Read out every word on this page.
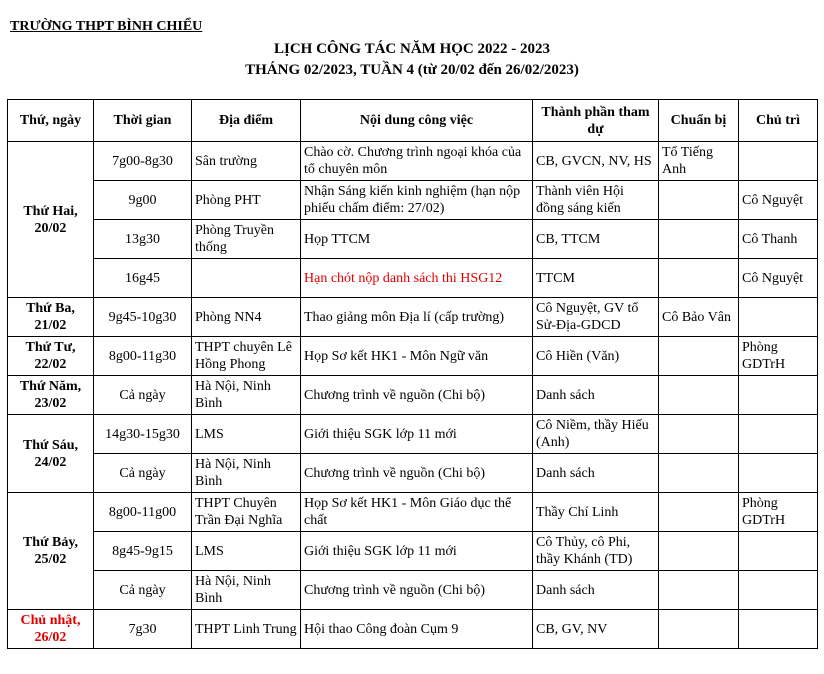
TRƯỜNG THPT BÌNH CHIỂU
LỊCH CÔNG TÁC NĂM HỌC 2022 - 2023
THÁNG 02/2023, TUẦN 4 (từ 20/02 đến 26/02/2023)
Thứ, ngày	Thời gian	Địa điểm	Nội dung công việc	Thành phần tham dự	Chuẩn bị	Chủ trì

Thứ Hai,
20/02	7g00-8g30	Sân trường	Chào cờ. Chương trình ngoại khóa của tổ chuyên môn	CB, GVCN, NV, HS	Tổ Tiếng Anh	
	9g00	Phòng PHT	Nhận Sáng kiến kinh nghiệm (hạn nộp phiếu chấm điểm: 27/02)	Thành viên Hội đồng sáng kiến		Cô Nguyệt
	13g30	Phòng Truyền thống	Họp TTCM	CB, TTCM		Cô Thanh
	16g45		Hạn chót nộp danh sách thi HSG12	TTCM		Cô Nguyệt

Thứ Ba,
21/02	9g45-10g30	Phòng NN4	Thao giảng môn Địa lí (cấp trường)	Cô Nguyệt, GV tổ Sử-Địa-GDCD	Cô Bảo Vân	

Thứ Tư,
22/02	8g00-11g30	THPT chuyên Lê Hồng Phong	Họp Sơ kết HK1 - Môn Ngữ văn	Cô Hiền (Văn)		Phòng GDTrH

Thứ Năm,
23/02	Cả ngày	Hà Nội, Ninh Bình	Chương trình về nguồn (Chi bộ)	Danh sách		

Thứ Sáu,
24/02	14g30-15g30	LMS	Giới thiệu SGK lớp 11 mới	Cô Niềm, thầy Hiếu (Anh)		
	Cả ngày	Hà Nội, Ninh Bình	Chương trình về nguồn (Chi bộ)	Danh sách		

Thứ Bảy,
25/02	8g00-11g00	THPT Chuyên Trần Đại Nghĩa	Họp Sơ kết HK1 - Môn Giáo dục thể chất	Thầy Chí Linh		Phòng GDTrH
	8g45-9g15	LMS	Giới thiệu SGK lớp 11 mới	Cô Thủy, cô Phi, thầy Khánh (TD)		
	Cả ngày	Hà Nội, Ninh Bình	Chương trình về nguồn (Chi bộ)	Danh sách		

Chủ nhật,
26/02	7g30	THPT Linh Trung	Hội thao Công đoàn Cụm 9	CB, GV, NV		
